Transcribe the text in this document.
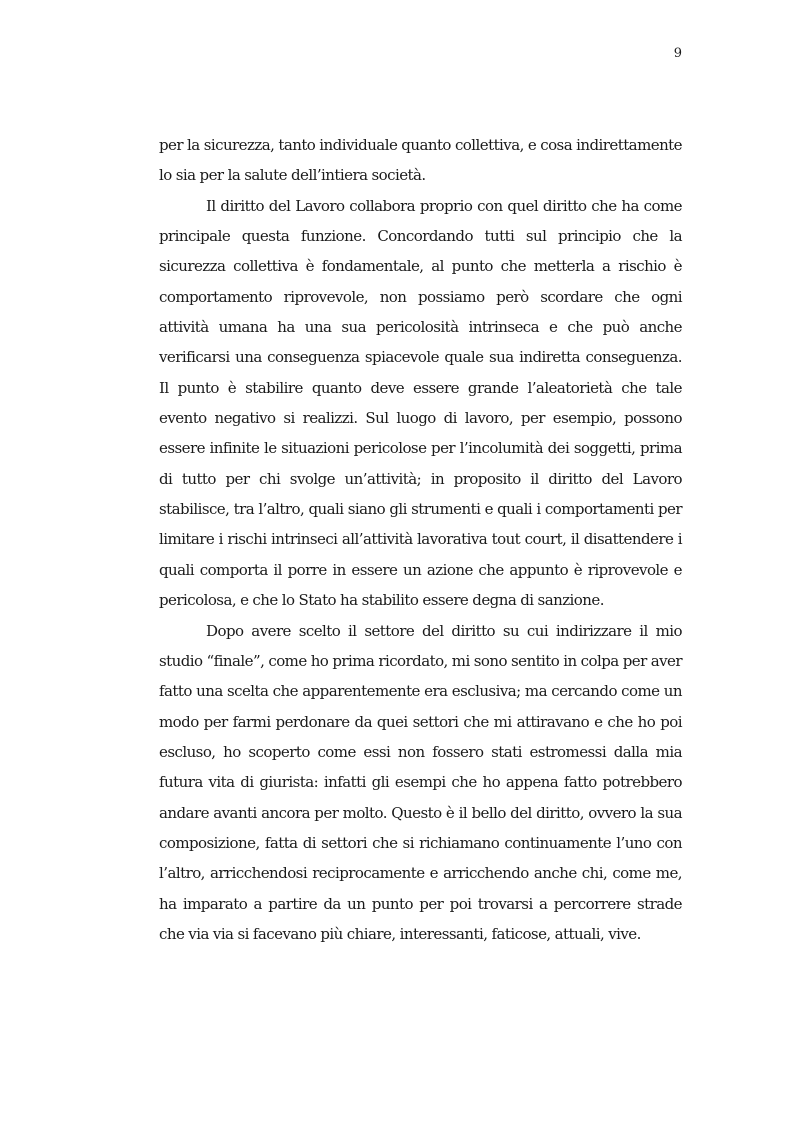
9

per la sicurezza, tanto individuale quanto collettiva, e cosa indirettamente lo sia per la salute dell’intiera società.

Il diritto del Lavoro collabora proprio con quel diritto che ha come principale questa funzione. Concordando tutti sul principio che la sicurezza collettiva è fondamentale, al punto che metterla a rischio è comportamento riprovevole, non possiamo però scordare che ogni attività umana ha una sua pericolosità intrinseca e che può anche verificarsi una conseguenza spiacevole quale sua indiretta conseguenza. Il punto è stabilire quanto deve essere grande l’aleatorietà che tale evento negativo si realizzi. Sul luogo di lavoro, per esempio, possono essere infinite le situazioni pericolose per l’incolumità dei soggetti, prima di tutto per chi svolge un’attività; in proposito il diritto del Lavoro stabilisce, tra l’altro, quali siano gli strumenti e quali i comportamenti per limitare i rischi intrinseci all’attività lavorativa tout court, il disattendere i quali comporta il porre in essere un azione che appunto è riprovevole e pericolosa, e che lo Stato ha stabilito essere degna di sanzione.

Dopo avere scelto il settore del diritto su cui indirizzare il mio studio “finale”, come ho prima ricordato, mi sono sentito in colpa per aver fatto una scelta che apparentemente era esclusiva; ma cercando come un modo per farmi perdonare da quei settori che mi attiravano e che ho poi escluso, ho scoperto come essi non fossero stati estromessi dalla mia futura vita di giurista: infatti gli esempi che ho appena fatto potrebbero andare avanti ancora per molto. Questo è il bello del diritto, ovvero la sua composizione, fatta di settori che si richiamano continuamente l’uno con l’altro, arricchendosi reciprocamente e arricchendo anche chi, come me, ha imparato a partire da un punto per poi trovarsi a percorrere strade che via via si facevano più chiare, interessanti, faticose, attuali, vive.
